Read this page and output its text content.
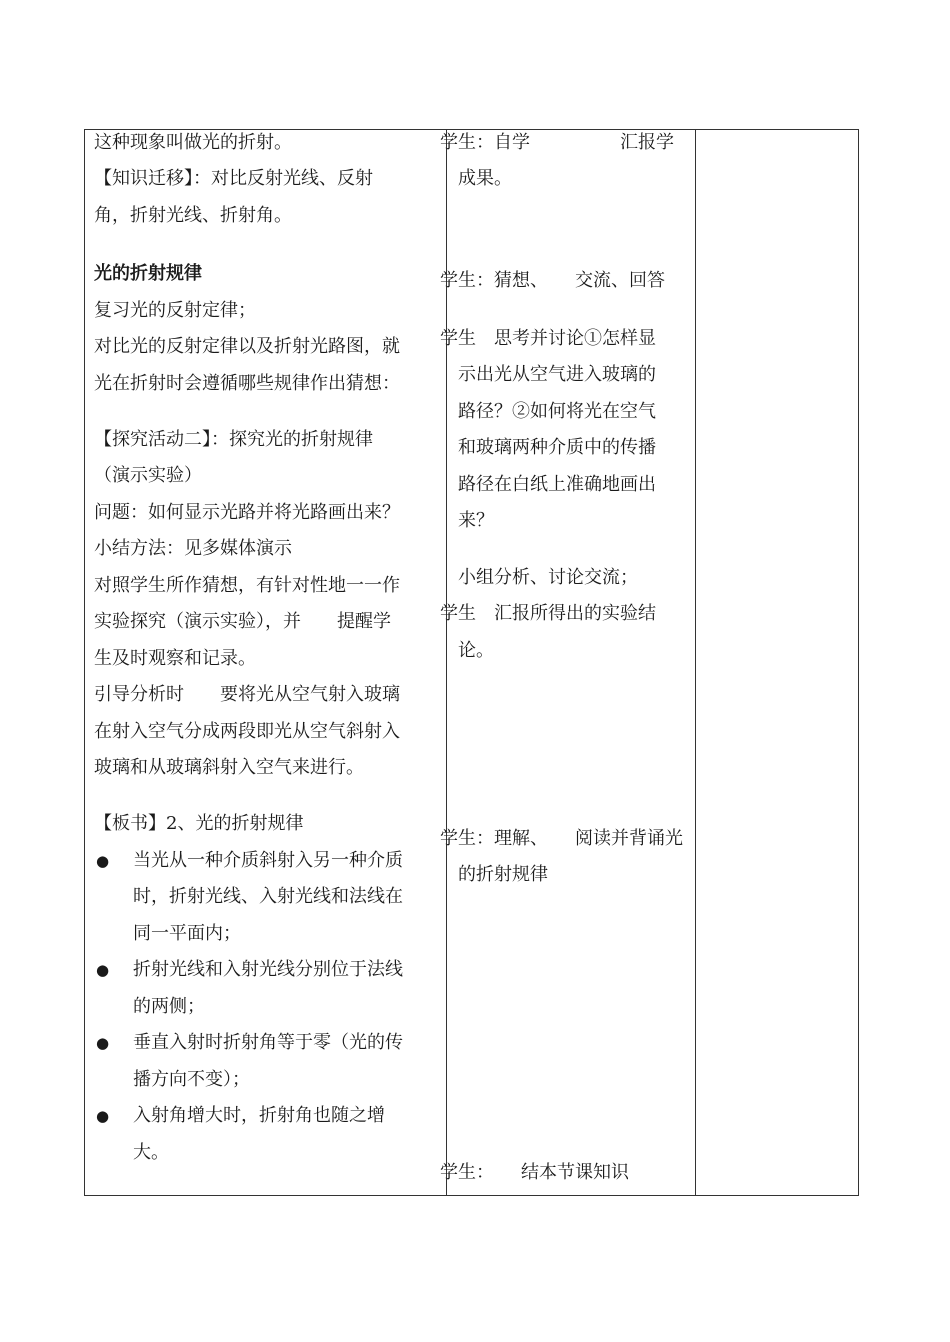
这种现象叫做光的折射。
【知识迁移】：对比反射光线、反射
角，折射光线、折射角。
光的折射规律
复习光的反射定律；
对比光的反射定律以及折射光路图，就
光在折射时会遵循哪些规律作出猜想：
【探究活动二】：探究光的折射规律
（演示实验）
问题：如何显示光路并将光路画出来？
小结方法：见多媒体演示
对照学生所作猜想，有针对性地一一作
实验探究（演示实验），并　　提醒学
生及时观察和记录。
引导分析时　　要将光从空气射入玻璃
在射入空气分成两段即光从空气斜射入
玻璃和从玻璃斜射入空气来进行。
【板书】2、光的折射规律
● 当光从一种介质斜射入另一种介质
时，折射光线、入射光线和法线在
同一平面内；
● 折射光线和入射光线分别位于法线
的两侧；
● 垂直入射时折射角等于零（光的传
播方向不变）；
● 入射角增大时，折射角也随之增
大。
学生：自学　　　　　汇报学
成果。
学生：猜想、　　交流、回答
学生　思考并讨论①怎样显
示出光从空气进入玻璃的
路径？②如何将光在空气
和玻璃两种介质中的传播
路径在白纸上准确地画出
来？
小组分析、讨论交流；
学生　汇报所得出的实验结
论。
学生：理解、　　阅读并背诵光
的折射规律
学生：　　结本节课知识
